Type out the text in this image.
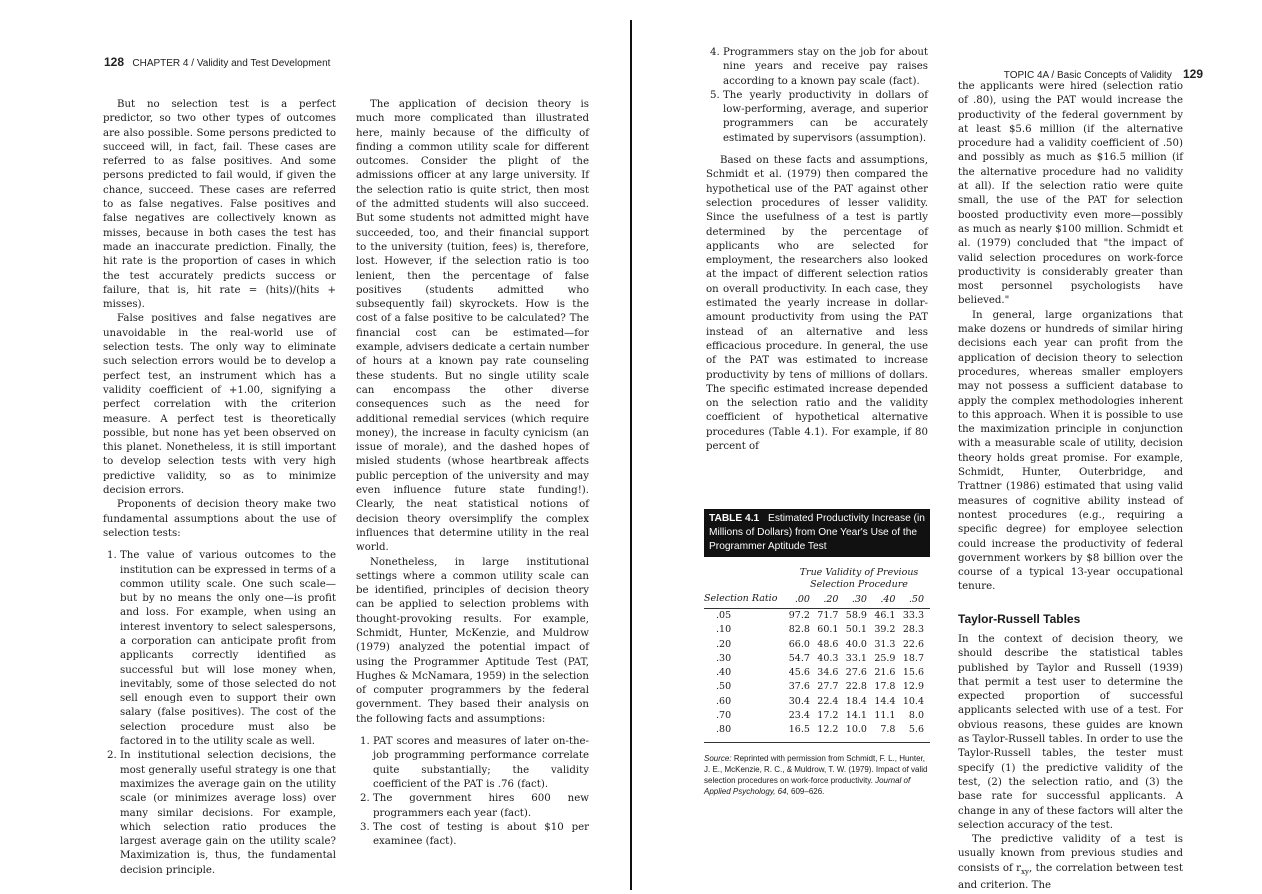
128 CHAPTER 4 / Validity and Test Development

But no selection test is a perfect predictor, so two other types of outcomes are also possible. Some persons predicted to succeed will, in fact, fail. These cases are referred to as false positives. And some persons predicted to fail would, if given the chance, succeed. These cases are referred to as false negatives. False positives and false negatives are collectively known as misses, because in both cases the test has made an inaccurate prediction. Finally, the hit rate is the proportion of cases in which the test accurately predicts success or failure, that is, hit rate = (hits)/(hits + misses).

False positives and false negatives are unavoidable in the real-world use of selection tests. The only way to eliminate such selection errors would be to develop a perfect test, an instrument which has a validity coefficient of +1.00, signifying a perfect correlation with the criterion measure. A perfect test is theoretically possible, but none has yet been observed on this planet. Nonetheless, it is still important to develop selection tests with very high predictive validity, so as to minimize decision errors.

Proponents of decision theory make two fundamental assumptions about the use of selection tests:

1. The value of various outcomes to the institution can be expressed in terms of a common utility scale. One such scale—but by no means the only one—is profit and loss. For example, when using an interest inventory to select salespersons, a corporation can anticipate profit from applicants correctly identified as successful but will lose money when, inevitably, some of those selected do not sell enough even to support their own salary (false positives). The cost of the selection procedure must also be factored in to the utility scale as well.
2. In institutional selection decisions, the most generally useful strategy is one that maximizes the average gain on the utility scale (or minimizes average loss) over many similar decisions. For example, which selection ratio produces the largest average gain on the utility scale? Maximization is, thus, the fundamental decision principle.

The application of decision theory is much more complicated than illustrated here, mainly because of the difficulty of finding a common utility scale for different outcomes. Consider the plight of the admissions officer at any large university. If the selection ratio is quite strict, then most of the admitted students will also succeed. But some students not admitted might have succeeded, too, and their financial support to the university (tuition, fees) is, therefore, lost. However, if the selection ratio is too lenient, then the percentage of false positives (students admitted who subsequently fail) skyrockets. How is the cost of a false positive to be calculated? The financial cost can be estimated—for example, advisers dedicate a certain number of hours at a known pay rate counseling these students. But no single utility scale can encompass the other diverse consequences such as the need for additional remedial services (which require money), the increase in faculty cynicism (an issue of morale), and the dashed hopes of misled students (whose heartbreak affects public perception of the university and may even influence future state funding!). Clearly, the neat statistical notions of decision theory oversimplify the complex influences that determine utility in the real world.

Nonetheless, in large institutional settings where a common utility scale can be identified, principles of decision theory can be applied to selection problems with thought-provoking results. For example, Schmidt, Hunter, McKenzie, and Muldrow (1979) analyzed the potential impact of using the Programmer Aptitude Test (PAT, Hughes & McNamara, 1959) in the selection of computer programmers by the federal government. They based their analysis on the following facts and assumptions:

1. PAT scores and measures of later on-the-job programming performance correlate quite substantially; the validity coefficient of the PAT is .76 (fact).
2. The government hires 600 new programmers each year (fact).
3. The cost of testing is about $10 per examinee (fact).
TOPIC 4A / Basic Concepts of Validity 129
4. Programmers stay on the job for about nine years and receive pay raises according to a known pay scale (fact).
5. The yearly productivity in dollars of low-performing, average, and superior programmers can be accurately estimated by supervisors (assumption).

Based on these facts and assumptions, Schmidt et al. (1979) then compared the hypothetical use of the PAT against other selection procedures of lesser validity. Since the usefulness of a test is partly determined by the percentage of applicants who are selected for employment, the researchers also looked at the impact of different selection ratios on overall productivity. In each case, they estimated the yearly increase in dollar-amount productivity from using the PAT instead of an alternative and less efficacious procedure. In general, the use of the PAT was estimated to increase productivity by tens of millions of dollars. The specific estimated increase depended on the selection ratio and the validity coefficient of hypothetical alternative procedures (Table 4.1). For example, if 80 percent of

TABLE 4.1 Estimated Productivity Increase (in Millions of Dollars) from One Year's Use of the Programmer Aptitude Test
True Validity of Previous Selection Procedure
Selection Ratio	.00	.20	.30	.40	.50
.05	97.2	71.7	58.9	46.1	33.3
.10	82.8	60.1	50.1	39.2	28.3
.20	66.0	48.6	40.0	31.3	22.6
.30	54.7	40.3	33.1	25.9	18.7
.40	45.6	34.6	27.6	21.6	15.6
.50	37.6	27.7	22.8	17.8	12.9
.60	30.4	22.4	18.4	14.4	10.4
.70	23.4	17.2	14.1	11.1	8.0
.80	16.5	12.2	10.0	7.8	5.6
Source: Reprinted with permission from Schmidt, F. L., Hunter, J. E., McKenzie, R. C., & Muldrow, T. W. (1979). Impact of valid selection procedures on work-force productivity. Journal of Applied Psychology, 64, 609–626.

the applicants were hired (selection ratio of .80), using the PAT would increase the productivity of the federal government by at least $5.6 million (if the alternative procedure had a validity coefficient of .50) and possibly as much as $16.5 million (if the alternative procedure had no validity at all). If the selection ratio were quite small, the use of the PAT for selection boosted productivity even more—possibly as much as nearly $100 million. Schmidt et al. (1979) concluded that "the impact of valid selection procedures on work-force productivity is considerably greater than most personnel psychologists have believed."

In general, large organizations that make dozens or hundreds of similar hiring decisions each year can profit from the application of decision theory to selection procedures, whereas smaller employers may not possess a sufficient database to apply the complex methodologies inherent to this approach. When it is possible to use the maximization principle in conjunction with a measurable scale of utility, decision theory holds great promise. For example, Schmidt, Hunter, Outerbridge, and Trattner (1986) estimated that using valid measures of cognitive ability instead of nontest procedures (e.g., requiring a specific degree) for employee selection could increase the productivity of federal government workers by $8 billion over the course of a typical 13-year occupational tenure.

Taylor-Russell Tables

In the context of decision theory, we should describe the statistical tables published by Taylor and Russell (1939) that permit a test user to determine the expected proportion of successful applicants selected with use of a test. For obvious reasons, these guides are known as Taylor-Russell tables. In order to use the Taylor-Russell tables, the tester must specify (1) the predictive validity of the test, (2) the selection ratio, and (3) the base rate for successful applicants. A change in any of these factors will alter the selection accuracy of the test.

The predictive validity of a test is usually known from previous studies and consists of $r_{xy}$, the correlation between test and criterion. The
